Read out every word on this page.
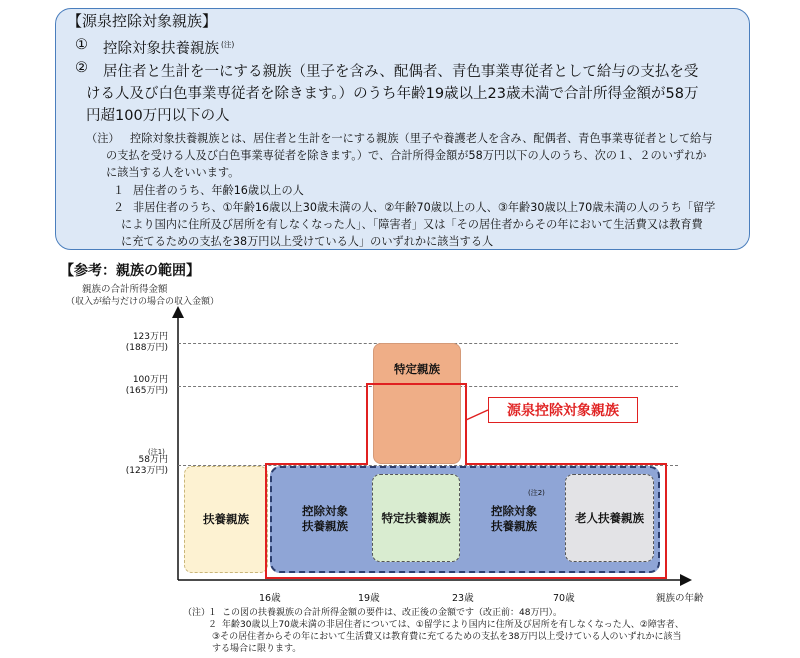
【源泉控除対象親族】
① 控除対象扶養親族 $^{(注)}$
② 居住者と生計を一にする親族（里子を含み、配偶者、青色事業専従者として給与の支払を受
ける人及び白色事業専従者を除きます。）のうち年齢19歳以上23歳未満で合計所得金額が58万
円超100万円以下の人
（注） 控除対象扶養親族とは、居住者と生計を一にする親族（里子や養護老人を含み、配偶者、青色事業専従者として給与
の支払を受ける人及び白色事業専従者を除きます。）で、合計所得金額が58万円以下の人のうち、次の１、２のいずれか
に該当する人をいいます。
１ 居住者のうち、年齢16歳以上の人
２ 非居住者のうち、①年齢16歳以上30歳未満の人、②年齢70歳以上の人、③年齢30歳以上70歳未満の人のうち「留学
により国内に住所及び居所を有しなくなった人」、「障害者」又は「その居住者からその年において生活費又は教育費
に充てるための支払を38万円以上受けている人」のいずれかに該当する人
【参考：親族の範囲】
親族の合計所得金額
（収入が給与だけの場合の収入金額）
123万円
(188万円)
100万円
(165万円)
(注1)
58万円
(123万円)
16歳	19歳	23歳	70歳	親族の年齢
扶養親族
控除対象
扶養親族
特定扶養親族
(注2)
控除対象
扶養親族
老人扶養親族
特定親族
源泉控除対象親族
（注）
１ この図の扶養親族の合計所得金額の要件は、改正後の金額です（改正前：48万円）。
２ 年齢30歳以上70歳未満の非居住者については、①留学により国内に住所及び居所を有しなくなった人、②障害者、
③その居住者からその年において生活費又は教育費に充てるための支払を38万円以上受けている人のいずれかに該当
する場合に限ります。
